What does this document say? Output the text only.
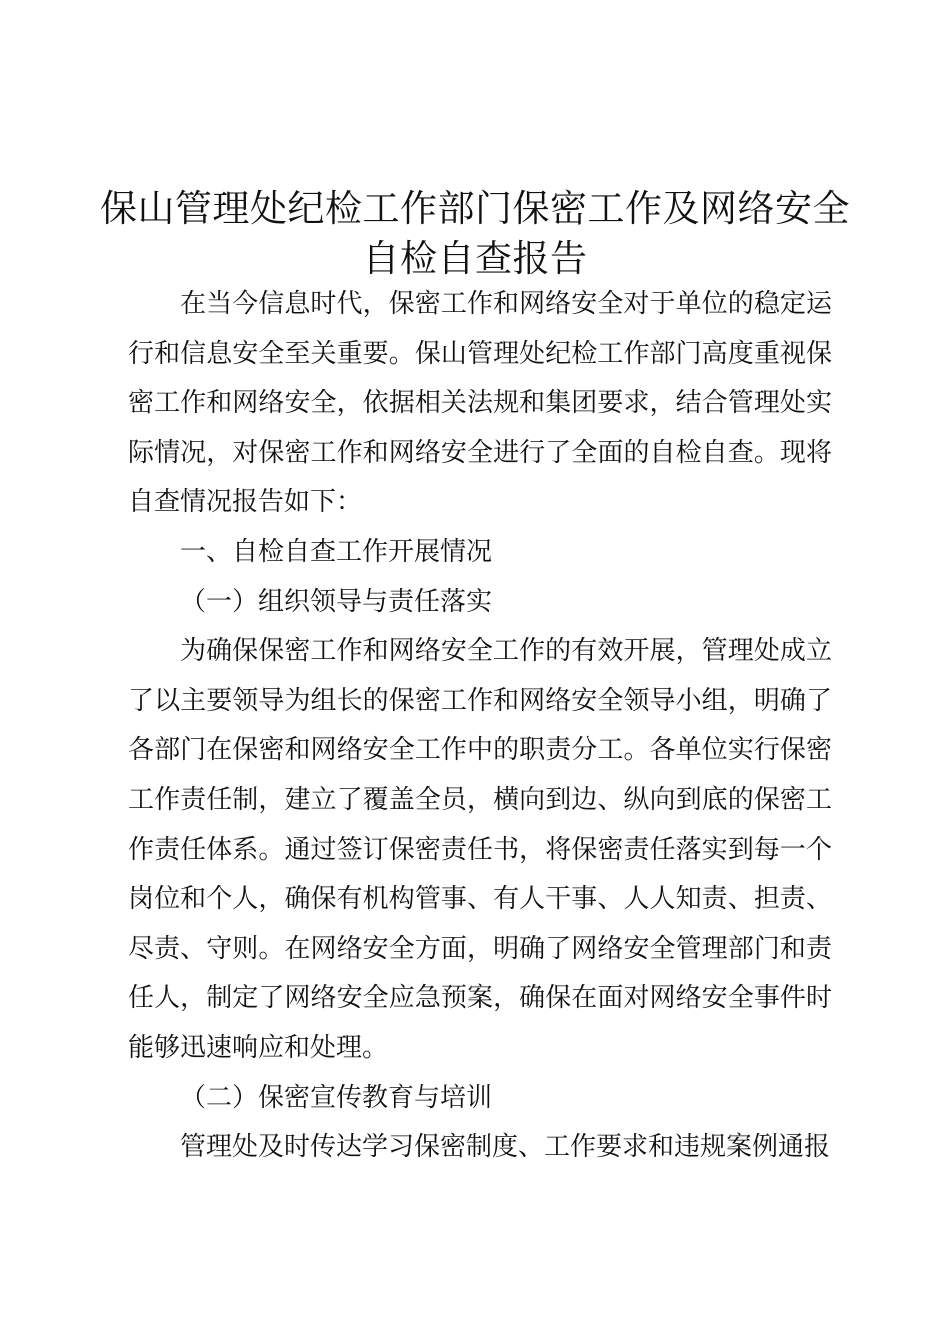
保山管理处纪检工作部门保密工作及网络安全
自检自查报告

在当今信息时代，保密工作和网络安全对于单位的稳定运行和信息安全至关重要。保山管理处纪检工作部门高度重视保密工作和网络安全，依据相关法规和集团要求，结合管理处实际情况，对保密工作和网络安全进行了全面的自检自查。现将自查情况报告如下：

一、自检自查工作开展情况

（一）组织领导与责任落实

为确保保密工作和网络安全工作的有效开展，管理处成立了以主要领导为组长的保密工作和网络安全领导小组，明确了各部门在保密和网络安全工作中的职责分工。各单位实行保密工作责任制，建立了覆盖全员，横向到边、纵向到底的保密工作责任体系。通过签订保密责任书，将保密责任落实到每一个岗位和个人，确保有机构管事、有人干事、人人知责、担责、尽责、守则。在网络安全方面，明确了网络安全管理部门和责任人，制定了网络安全应急预案，确保在面对网络安全事件时能够迅速响应和处理。

（二）保密宣传教育与培训

管理处及时传达学习保密制度、工作要求和违规案例通报
